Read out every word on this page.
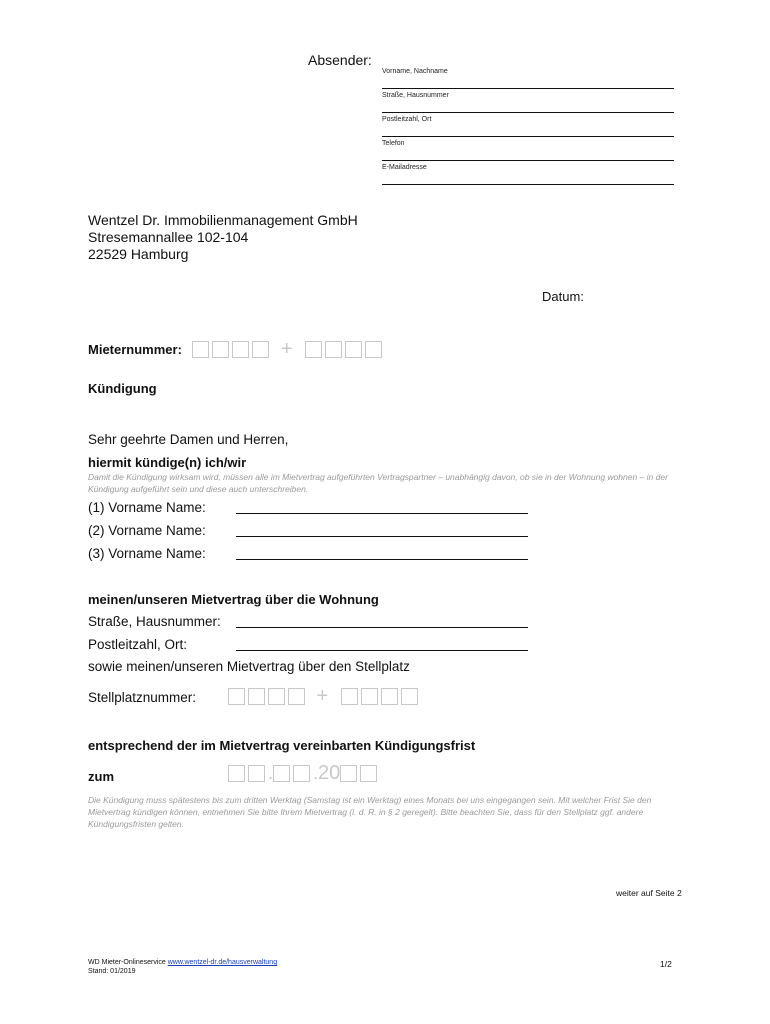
Absender:
Vorname, Nachname
Straße, Hausnummer
Postleitzahl, Ort
Telefon
E-Mailadresse
Wentzel Dr. Immobilienmanagement GmbH
Stresemannallee 102-104
22529 Hamburg
Datum:
Mieternummer:	+
Kündigung
Sehr geehrte Damen und Herren,
hiermit kündige(n) ich/wir
Damit die Kündigung wirksam wird, müssen alle im Mietvertrag aufgeführten Vertragspartner – unabhängig davon, ob sie in der Wohnung wohnen – in der Kündigung aufgeführt sein und diese auch unterschreiben.
(1) Vorname Name:
(2) Vorname Name:
(3) Vorname Name:
meinen/unseren Mietvertrag über die Wohnung
Straße, Hausnummer:
Postleitzahl, Ort:
sowie meinen/unseren Mietvertrag über den Stellplatz
Stellplatznummer:	+
entsprechend der im Mietvertrag vereinbarten Kündigungsfrist
zum	. .20
Die Kündigung muss spätestens bis zum dritten Werktag (Samstag ist ein Werktag) eines Monats bei uns eingegangen sein. Mit welcher Frist Sie den Mietvertrag kündigen können, entnehmen Sie bitte Ihrem Mietvertrag (i. d. R. in § 2 geregelt). Bitte beachten Sie, dass für den Stellplatz ggf. andere Kündigungsfristen gelten.
weiter auf Seite 2
WD Mieter-Onlineservice www.wentzel-dr.de/hausverwaltung
Stand: 01/2019
1/2
